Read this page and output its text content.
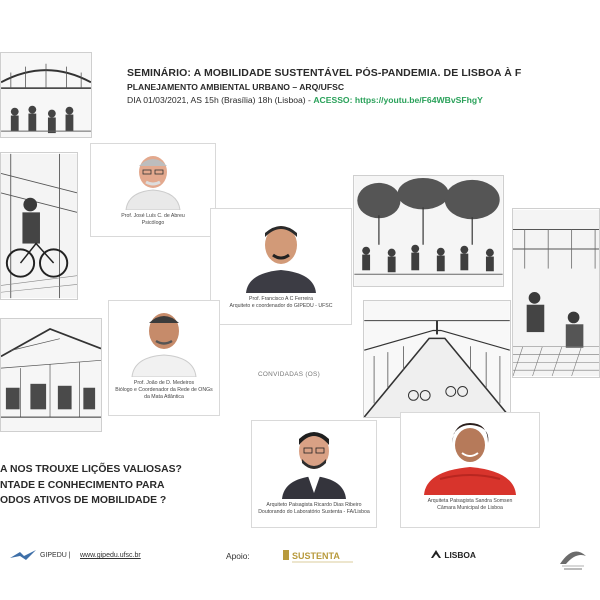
SEMINÁRIO: A MOBILIDADE SUSTENTÁVEL PÓS-PANDEMIA. DE LISBOA À F
PLANEJAMENTO AMBIENTAL URBANO – ARQ/UFSC
DIA 01/03/2021, AS 15h (Brasília) 18h (Lisboa) - ACESSO: https://youtu.be/F64WBvSFhgY
Prof. José Luís C. de Abreu
Psicólogo
Prof. Francisco A C Ferreira
Arquiteto e coordenador do GIPEDU - UFSC
Prof. João de D. Medeiros
Biólogo e Coordenador da Rede de ONGs da Mata Atlântica
Arquiteto Paisagista Ricardo Dias Ribeiro
Doutorando do Laboratório Sustenta - FA/Lisboa
Arquiteta Paisagista Sandra Somsen
Câmara Municipal de Lisboa
CONVIDADAS (OS)
A NOS TROUXE LIÇÕES VALIOSAS?
NTADE E CONHECIMENTO PARA
ODOS ATIVOS DE MOBILIDADE ?
GIPEDU | www.gipedu.ufsc.br	Apoio:	SUSTENTA	LISBOA
